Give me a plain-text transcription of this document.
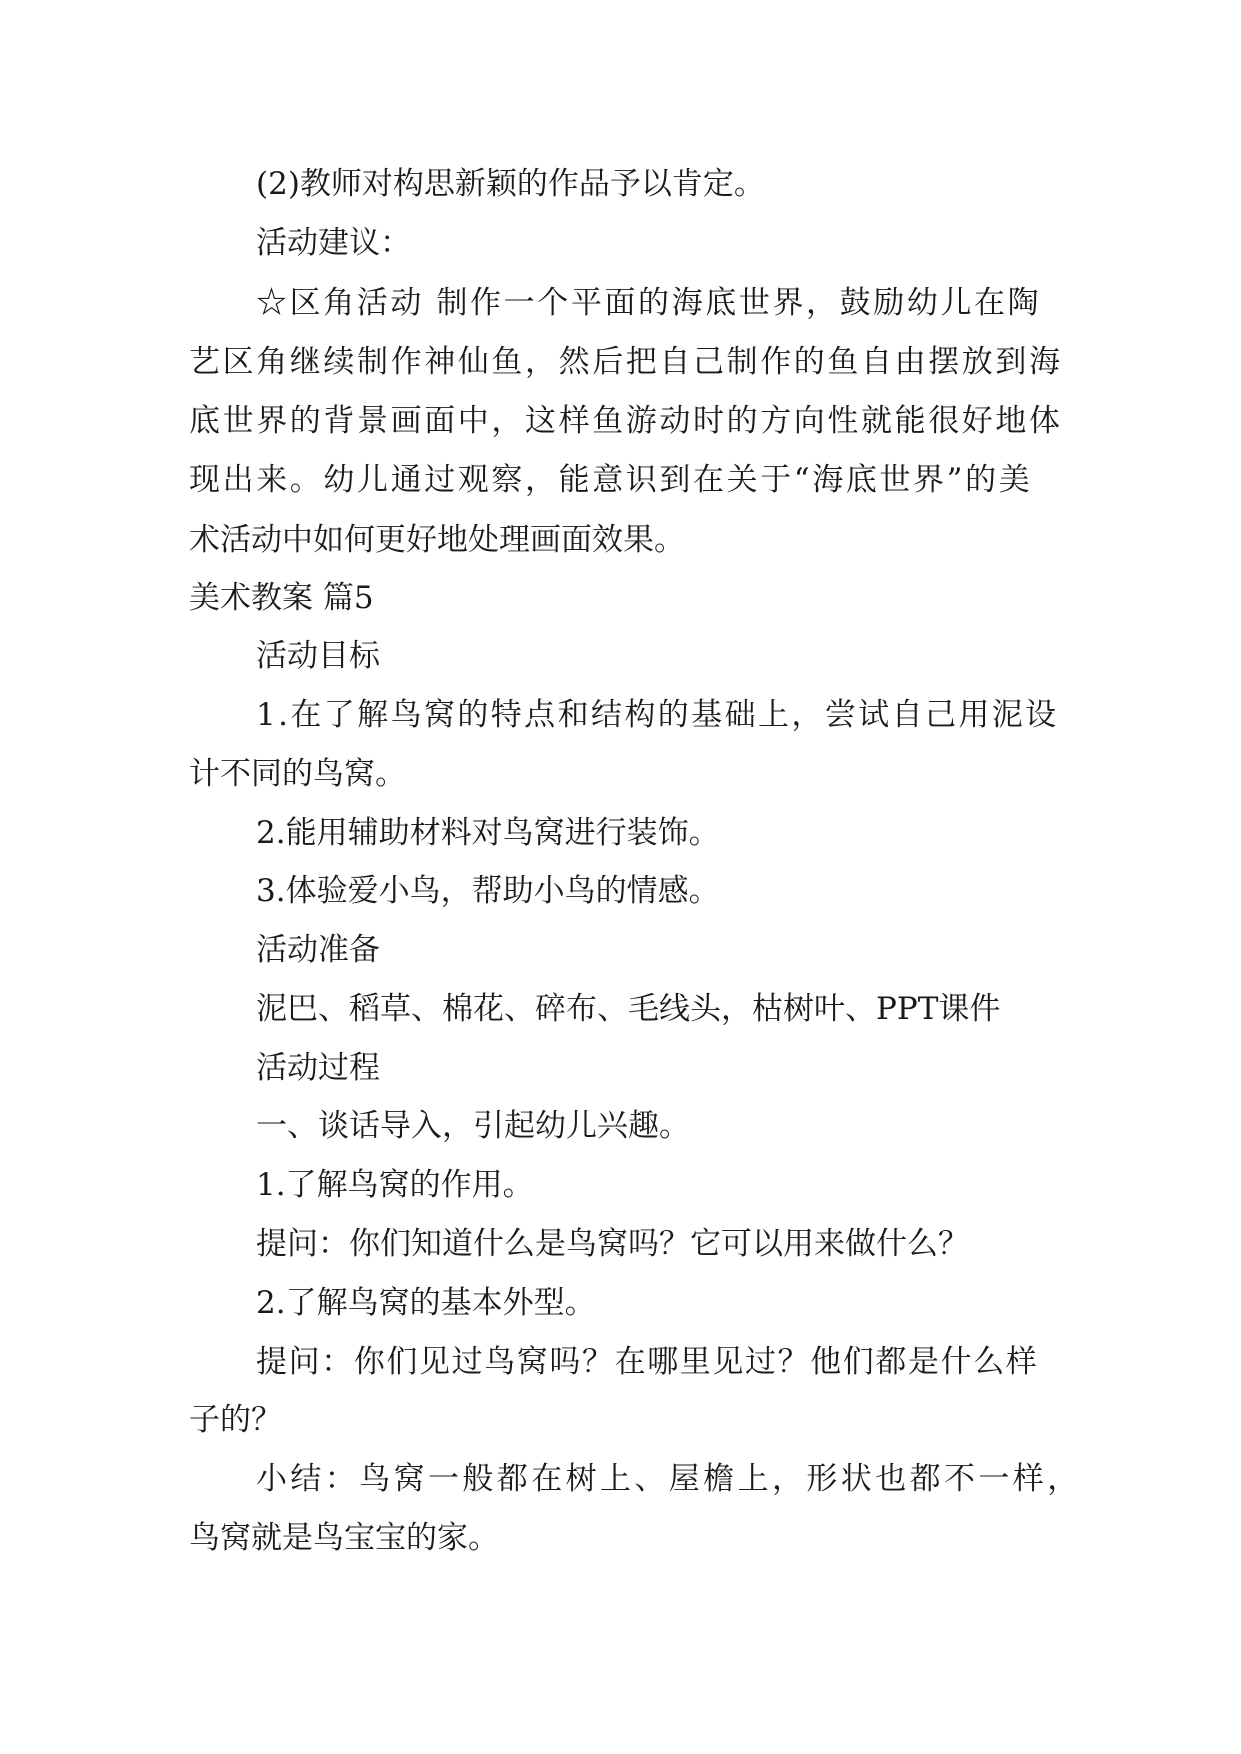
(2)教师对构思新颖的作品予以肯定。
活动建议：
☆区角活动 制作一个平面的海底世界，鼓励幼儿在陶
艺区角继续制作神仙鱼，然后把自己制作的鱼自由摆放到海
底世界的背景画面中，这样鱼游动时的方向性就能很好地体
现出来。幼儿通过观察，能意识到在关于“海底世界”的美
术活动中如何更好地处理画面效果。
美术教案 篇5
活动目标
1.在了解鸟窝的特点和结构的基础上，尝试自己用泥设
计不同的鸟窝。
2.能用辅助材料对鸟窝进行装饰。
3.体验爱小鸟，帮助小鸟的情感。
活动准备
泥巴、稻草、棉花、碎布、毛线头，枯树叶、PPT课件
活动过程
一、谈话导入，引起幼儿兴趣。
1.了解鸟窝的作用。
提问：你们知道什么是鸟窝吗？它可以用来做什么？
2.了解鸟窝的基本外型。
提问：你们见过鸟窝吗？在哪里见过？他们都是什么样
子的？
小结：鸟窝一般都在树上、屋檐上，形状也都不一样，
鸟窝就是鸟宝宝的家。
